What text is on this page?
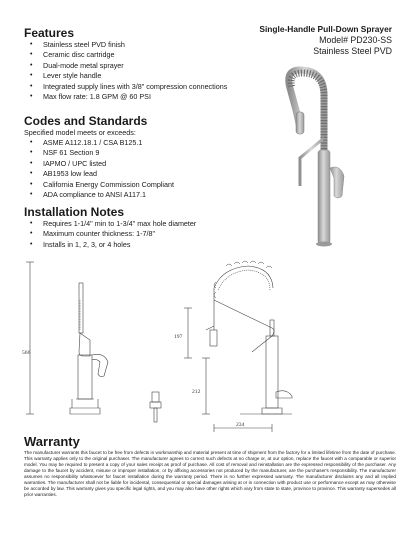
Single-Handle Pull-Down Sprayer
Model# PD230-SS
Stainless Steel PVD
Features
• Stainless steel PVD finish
• Ceramic disc cartridge
• Dual-mode metal sprayer
• Lever style handle
• Integrated supply lines with 3/8" compression connections
• Max flow rate: 1.8 GPM @ 60 PSI
Codes and Standards
Specified model meets or exceeds:
• ASME A112.18.1 / CSA B125.1
• NSF 61 Section 9
• IAPMO / UPC listed
• AB1953 low lead
• California Energy Commission Compliant
• ADA compliance to ANSI A117.1
Installation Notes
• Requires 1-1/4" min to 1-3/4" max hole diameter
• Maximum counter thickness: 1-7/8"
• Installs in 1, 2, 3, or 4 holes
566
197
212
234
Warranty
The manufacturer warrants this faucet to be free from defects in workmanship and material present at time of shipment from the factory for a limited lifetime from the date of purchase. This warranty applies only to the original purchaser. The manufacturer agrees to correct such defects at no charge or, at our option, replace the faucet with a comparable or superior model. You may be required to present a copy of your sales receipt as proof of purchase. All cost of removal and reinstallation are the expressed responsibility of the purchaser. Any damage to the faucet by accident, misuse or improper installation, or by affixing accessories not produced by the manufacturer, are the purchaser's responsibility. The manufacturer assumes no responsibility whatsoever for faucet installation during the warranty period. There is no further expressed warranty. The manufacturer disclaims any and all implied warranties. The manufacturer shall not be liable for incidental, consequential or special damages arising at or in connection with product use or performance except as may otherwise be accorded by law. This warranty gives you specific legal rights, and you may also have other rights which vary from state to state, province to province. This warranty supersedes all prior warranties.
